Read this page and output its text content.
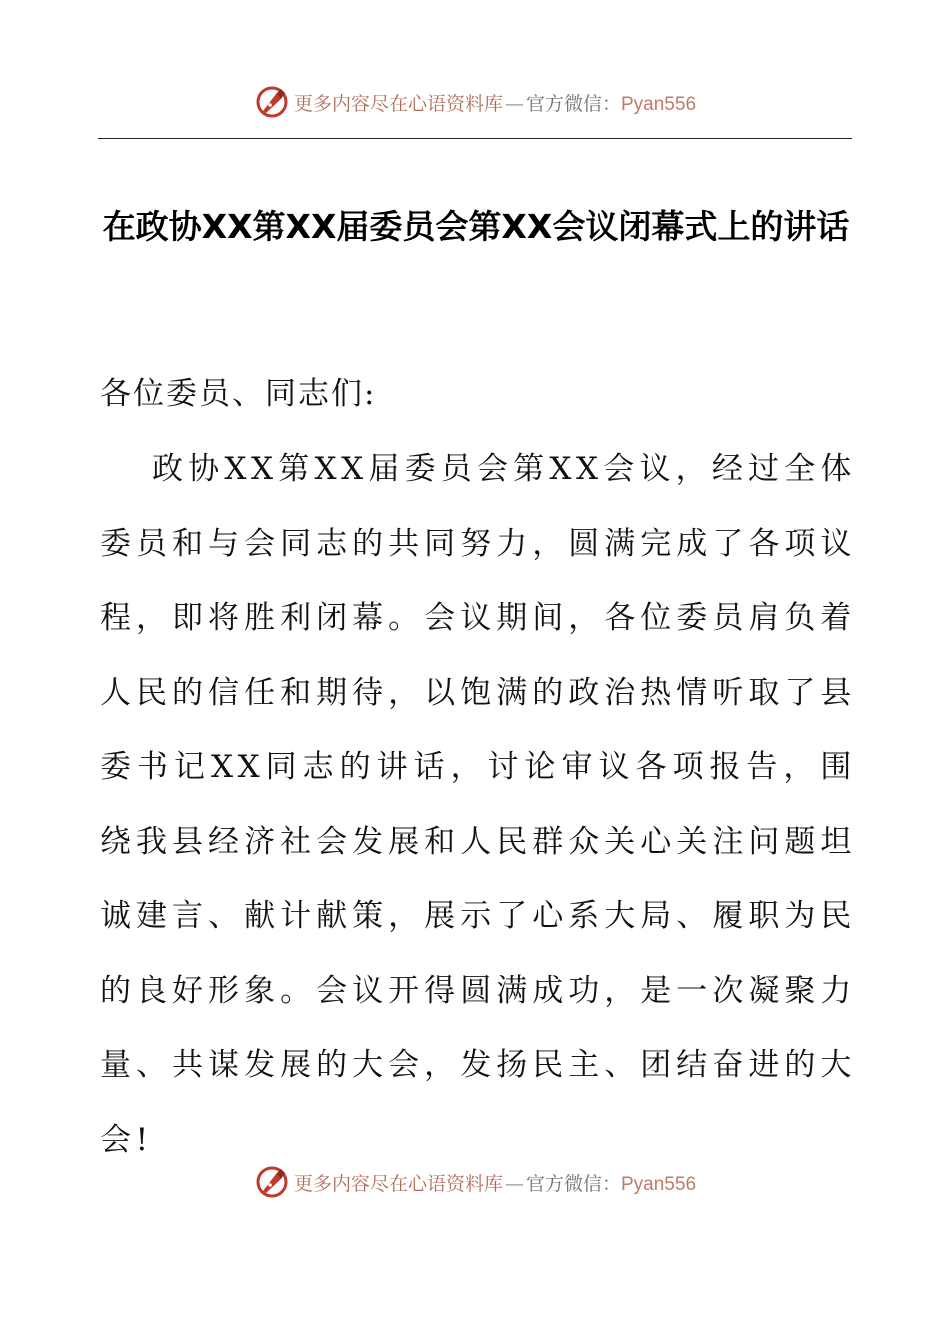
更多内容尽在心语资料库 — 官方微信： Pyan556
在政协XX第XX届委员会第XX会议闭幕式上的讲话

各位委员、同志们:

政协XX第XX届委员会第XX会议，经过全体委员和与会同志的共同努力，圆满完成了各项议程，即将胜利闭幕。会议期间，各位委员肩负着人民的信任和期待，以饱满的政治热情听取了县委书记XX同志的讲话，讨论审议各项报告，围绕我县经济社会发展和人民群众关心关注问题坦诚建言、献计献策，展示了心系大局、履职为民的良好形象。会议开得圆满成功，是一次凝聚力量、共谋发展的大会，发扬民主、团结奋进的大会!

更多内容尽在心语资料库 — 官方微信： Pyan556
